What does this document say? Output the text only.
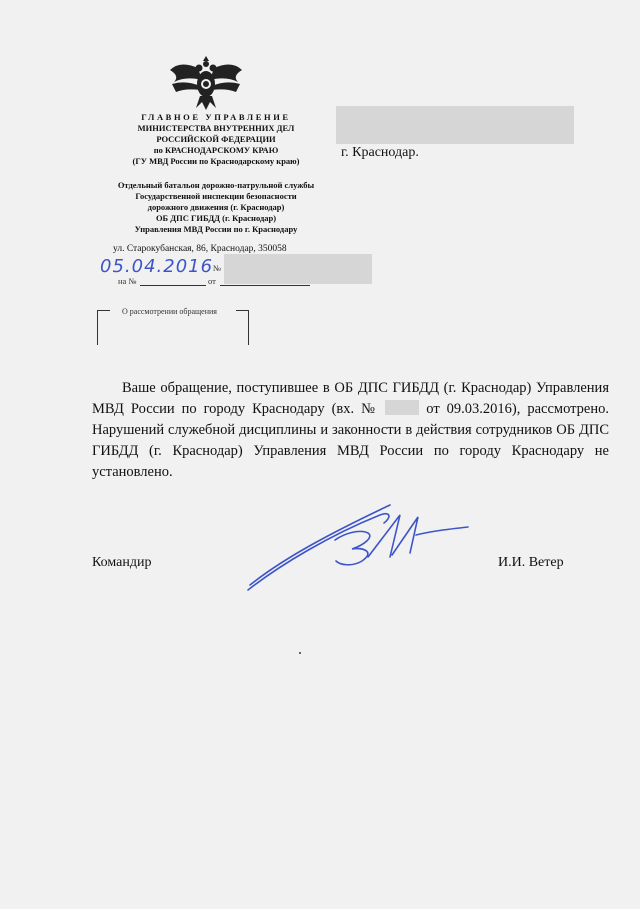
ГЛАВНОЕ УПРАВЛЕНИЕ
МИНИСТЕРСТВА ВНУТРЕННИХ ДЕЛ
РОССИЙСКОЙ ФЕДЕРАЦИИ
по КРАСНОДАРСКОМУ КРАЮ
(ГУ МВД России по Краснодарскому краю)
Отдельный батальон дорожно-патрульной службы
Государственной инспекции безопасности
дорожного движения (г. Краснодар)
ОБ ДПС ГИБДД (г. Краснодар)
Управления МВД России по г. Краснодару
ул. Старокубанская, 86, Краснодар, 350058
г. Краснодар.
05.04.2016 №
на №	от
О рассмотрении обращения

Ваше обращение, поступившее в ОБ ДПС ГИБДД (г. Краснодар) Управления МВД России по городу Краснодару (вх. №	от 09.03.2016), рассмотрено. Нарушений служебной дисциплины и законности в действия сотрудников ОБ ДПС ГИБДД (г. Краснодар) Управления МВД России по городу Краснодару не установлено.

Командир	И.И. Ветер
